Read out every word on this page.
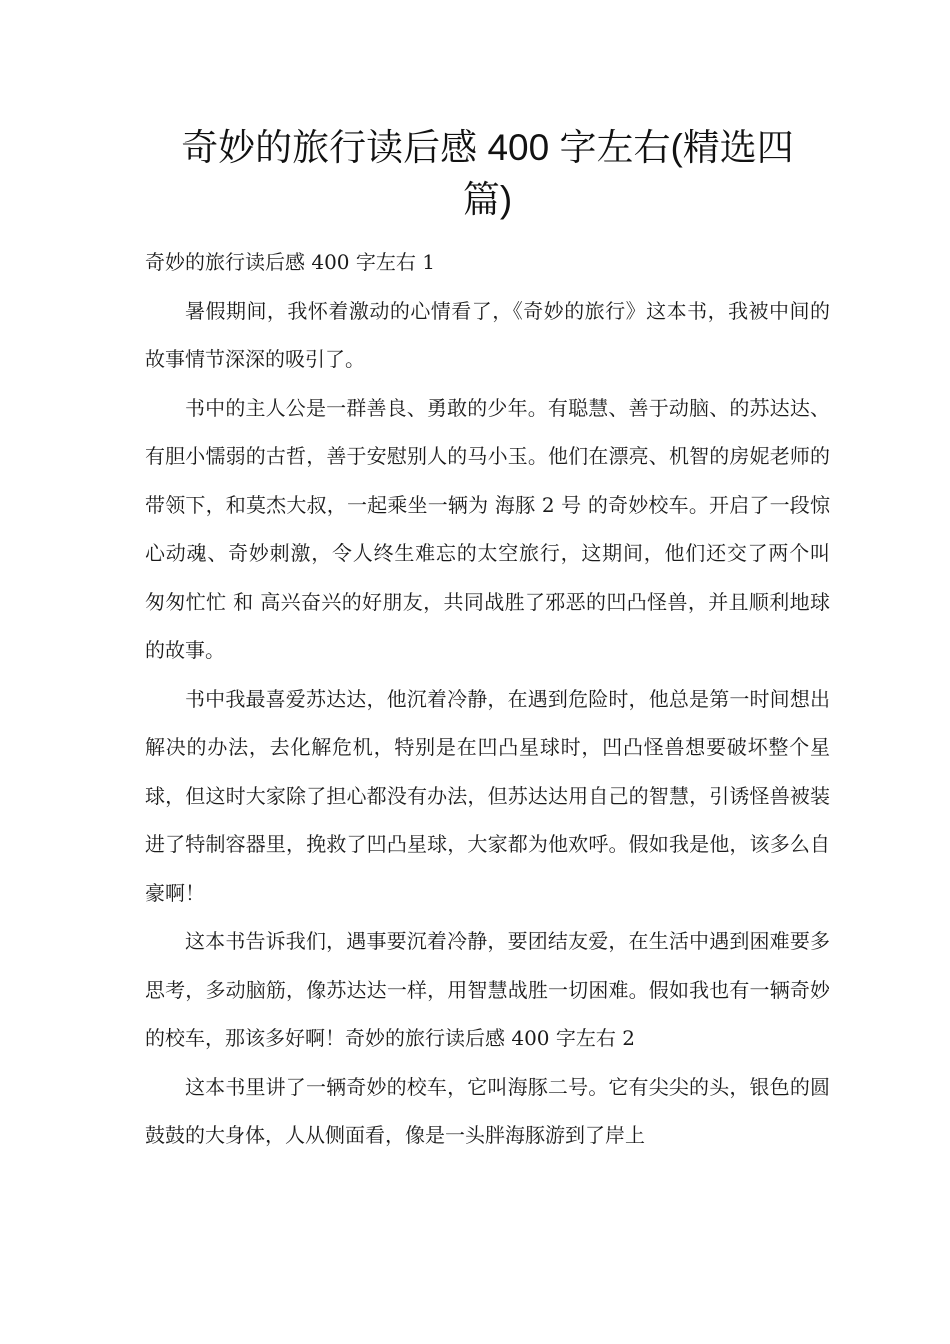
奇妙的旅行读后感 400 字左右(精选四篇)

奇妙的旅行读后感 400 字左右 1

暑假期间，我怀着激动的心情看了，《奇妙的旅行》这本书，我被中间的故事情节深深的吸引了。

书中的主人公是一群善良、勇敢的少年。有聪慧、善于动脑、的苏达达、有胆小懦弱的古哲，善于安慰别人的马小玉。他们在漂亮、机智的房妮老师的带领下，和莫杰大叔，一起乘坐一辆为 海豚 2 号 的奇妙校车。开启了一段惊心动魂、奇妙刺激，令人终生难忘的太空旅行，这期间，他们还交了两个叫 匆匆忙忙 和 高兴奋兴的好朋友，共同战胜了邪恶的凹凸怪兽，并且顺利地球的故事。

书中我最喜爱苏达达，他沉着冷静，在遇到危险时，他总是第一时间想出解决的办法，去化解危机，特别是在凹凸星球时，凹凸怪兽想要破坏整个星球，但这时大家除了担心都没有办法，但苏达达用自己的智慧，引诱怪兽被装进了特制容器里，挽救了凹凸星球，大家都为他欢呼。假如我是他，该多么自豪啊！

这本书告诉我们，遇事要沉着冷静，要团结友爱，在生活中遇到困难要多思考，多动脑筋，像苏达达一样，用智慧战胜一切困难。假如我也有一辆奇妙的校车，那该多好啊！奇妙的旅行读后感 400 字左右 2

这本书里讲了一辆奇妙的校车，它叫海豚二号。它有尖尖的头，银色的圆鼓鼓的大身体，人从侧面看，像是一头胖海豚游到了岸上
